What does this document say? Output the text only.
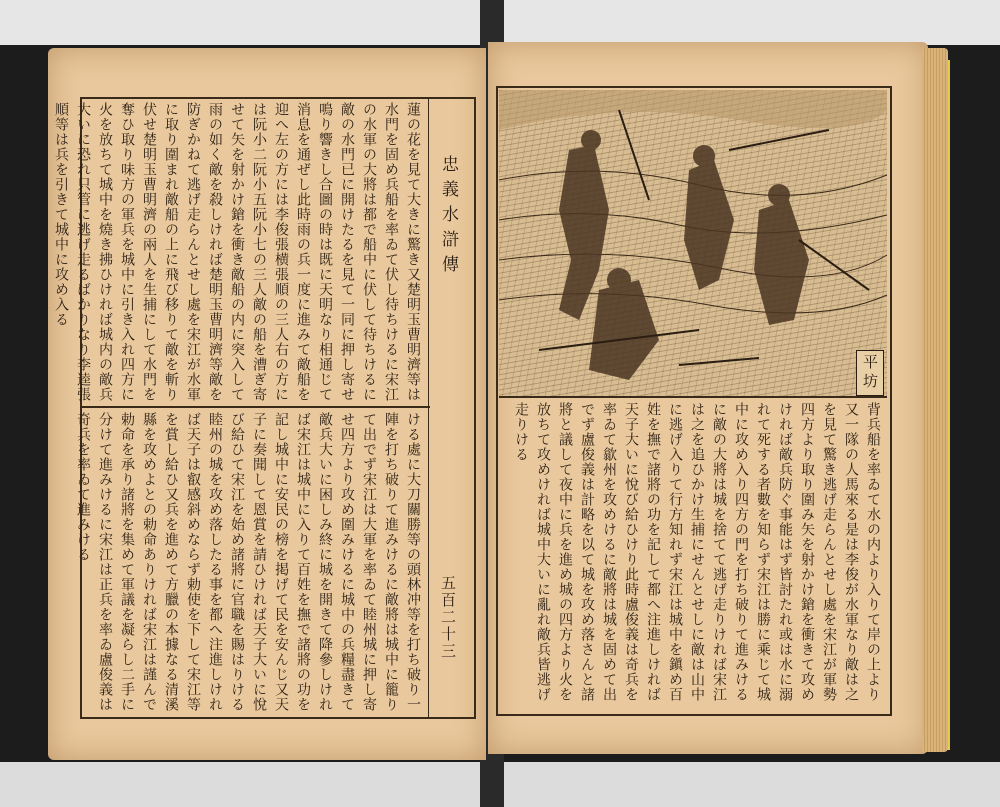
蓮の花を見て大きに驚き又楚明玉曹明濟等は水門を固め兵船を率ゐて伏し待ちけるに宋江の水軍の大將は都で船中に伏して待ちけるに敵の水門已に開けたるを見て一同に押し寄せ鳴り響きし合圖の時は既に天明なり相通じて消息を通ぜし此時雨の兵一度に進みて敵船を迎へ左の方には李俊張横張順の三人右の方には阮小二阮小五阮小七の三人敵の船を漕ぎ寄せて矢を射かけ鎗を衝き敵船の内に突入して雨の如く敵を殺しければ楚明玉曹明濟等敵を防ぎかねて逃げ走らんとせし處を宋江が水軍に取り圍まれ敵船の上に飛び移りて敵を斬り伏せ楚明玉曹明濟の兩人を生捕にして水門を奪ひ取り味方の軍兵を城中に引き入れ四方に火を放ちて城中を燒き拂ひければ城内の敵兵大いに恐れ只管に逃げ走るばかりなり李逵張順等は兵を引きて城中に攻め入る
ける處に大刀關勝等の頭林冲等を打ち破り一陣を打ち破りて進みけるに敵將は城中に籠りて出でず宋江は大軍を率ゐて睦州城に押し寄せ四方より攻め圍みけるに城中の兵糧盡きて敵兵大いに困しみ終に城を開きて降參しければ宋江は城中に入りて百姓を撫で諸將の功を記し城中に安民の榜を掲げて民を安んじ又天子に奏聞して恩賞を請ひければ天子大いに悅び給ひて宋江を始め諸將に官職を賜はりける睦州の城を攻め落したる事を都へ注進しければ天子は叡感斜めならず勅使を下して宋江等を賞し給ひ又兵を進めて方臘の本據なる清溪縣を攻めよとの勅命ありければ宋江は謹んで勅命を承り諸將を集めて軍議を凝らし二手に分けて進みけるに宋江は正兵を率ゐ盧俊義は奇兵を率ゐて進みける
忠義水滸傳
五百二十三
平坊
背兵船を率ゐて水の内より入りて岸の上より又一隊の人馬來る是は李俊が水軍なり敵は之を見て驚き逃げ走らんとせし處を宋江が軍勢四方より取り圍み矢を射かけ鎗を衝きて攻めければ敵兵防ぐ事能はず皆討たれ或は水に溺れて死する者數を知らず宋江は勝に乘じて城中に攻め入り四方の門を打ち破りて進みけるに敵の大將は城を捨てて逃げ走りければ宋江は之を追ひかけ生捕にせんとせしに敵は山中に逃げ入りて行方知れず宋江は城中を鎭め百姓を撫で諸將の功を記して都へ注進しければ天子大いに悅び給ひけり此時盧俊義は奇兵を率ゐて歙州を攻めけるに敵將は城を固めて出でず盧俊義は計略を以て城を攻め落さんと諸將と議して夜中に兵を進め城の四方より火を放ちて攻めければ城中大いに亂れ敵兵皆逃げ走りける
